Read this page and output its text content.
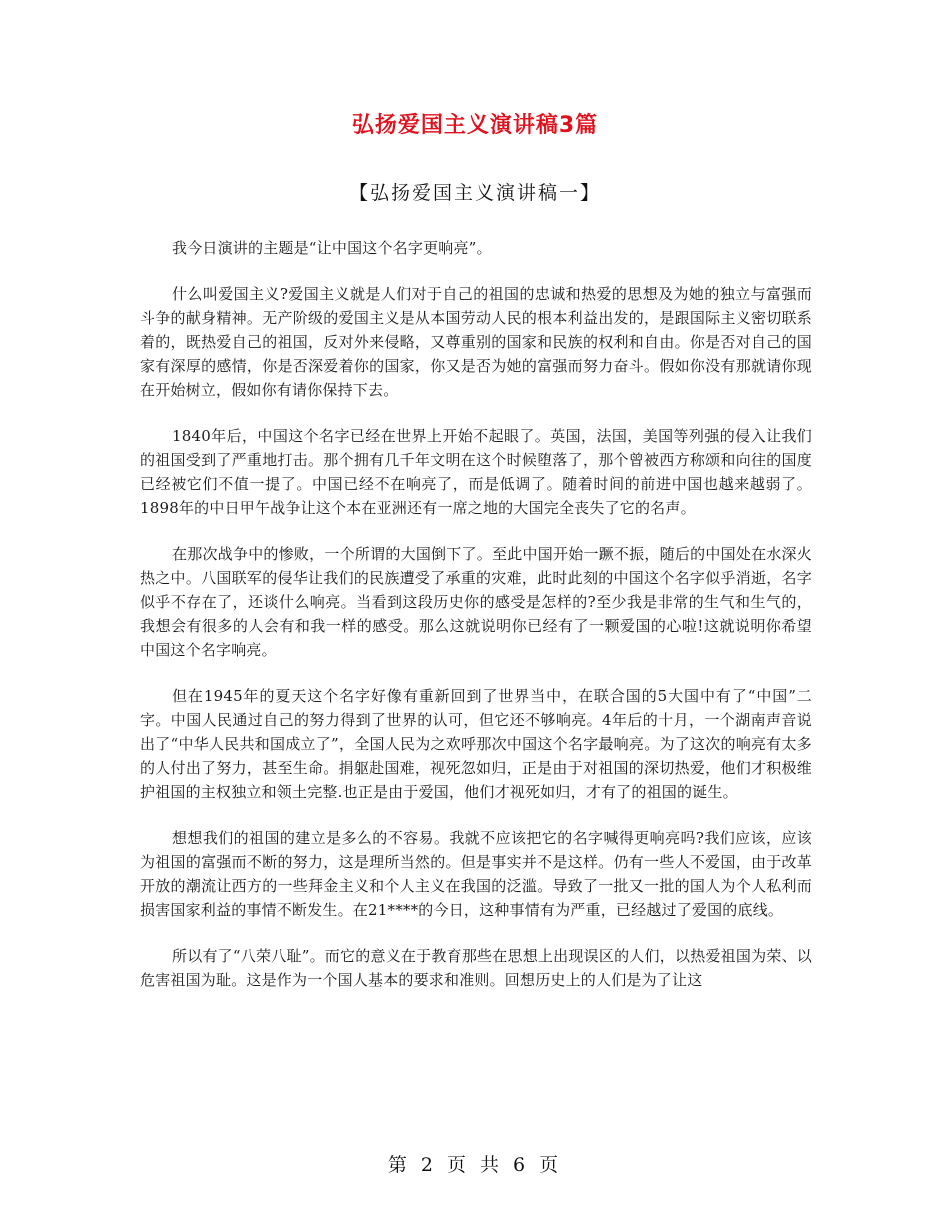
弘扬爱国主义演讲稿3篇
【弘扬爱国主义演讲稿一】

我今日演讲的主题是“让中国这个名字更响亮”。

什么叫爱国主义?爱国主义就是人们对于自己的祖国的忠诚和热爱的思想及为她的独立与富强而斗争的献身精神。无产阶级的爱国主义是从本国劳动人民的根本利益出发的，是跟国际主义密切联系着的，既热爱自己的祖国，反对外来侵略，又尊重别的国家和民族的权利和自由。你是否对自己的国家有深厚的感情，你是否深爱着你的国家，你又是否为她的富强而努力奋斗。假如你没有那就请你现在开始树立，假如你有请你保持下去。

1840年后，中国这个名字已经在世界上开始不起眼了。英国，法国，美国等列强的侵入让我们的祖国受到了严重地打击。那个拥有几千年文明在这个时候堕落了，那个曾被西方称颂和向往的国度已经被它们不值一提了。中国已经不在响亮了，而是低调了。随着时间的前进中国也越来越弱了。1898年的中日甲午战争让这个本在亚洲还有一席之地的大国完全丧失了它的名声。

在那次战争中的惨败，一个所谓的大国倒下了。至此中国开始一蹶不振，随后的中国处在水深火热之中。八国联军的侵华让我们的民族遭受了承重的灾难，此时此刻的中国这个名字似乎消逝，名字似乎不存在了，还谈什么响亮。当看到这段历史你的感受是怎样的?至少我是非常的生气和生气的，我想会有很多的人会有和我一样的感受。那么这就说明你已经有了一颗爱国的心啦!这就说明你希望中国这个名字响亮。

但在1945年的夏天这个名字好像有重新回到了世界当中，在联合国的5大国中有了“中国”二字。中国人民通过自己的努力得到了世界的认可，但它还不够响亮。4年后的十月，一个湖南声音说出了“中华人民共和国成立了”，全国人民为之欢呼那次中国这个名字最响亮。为了这次的响亮有太多的人付出了努力，甚至生命。捐躯赴国难，视死忽如归，正是由于对祖国的深切热爱，他们才积极维护祖国的主权独立和领土完整.也正是由于爱国，他们才视死如归，才有了的祖国的诞生。

想想我们的祖国的建立是多么的不容易。我就不应该把它的名字喊得更响亮吗?我们应该，应该为祖国的富强而不断的努力，这是理所当然的。但是事实并不是这样。仍有一些人不爱国，由于改革开放的潮流让西方的一些拜金主义和个人主义在我国的泛滥。导致了一批又一批的国人为个人私利而损害国家利益的事情不断发生。在21****的今日，这种事情有为严重，已经越过了爱国的底线。

所以有了“八荣八耻”。而它的意义在于教育那些在思想上出现误区的人们，以热爱祖国为荣、以危害祖国为耻。这是作为一个国人基本的要求和准则。回想历史上的人们是为了让这

第 2 页 共 6 页
